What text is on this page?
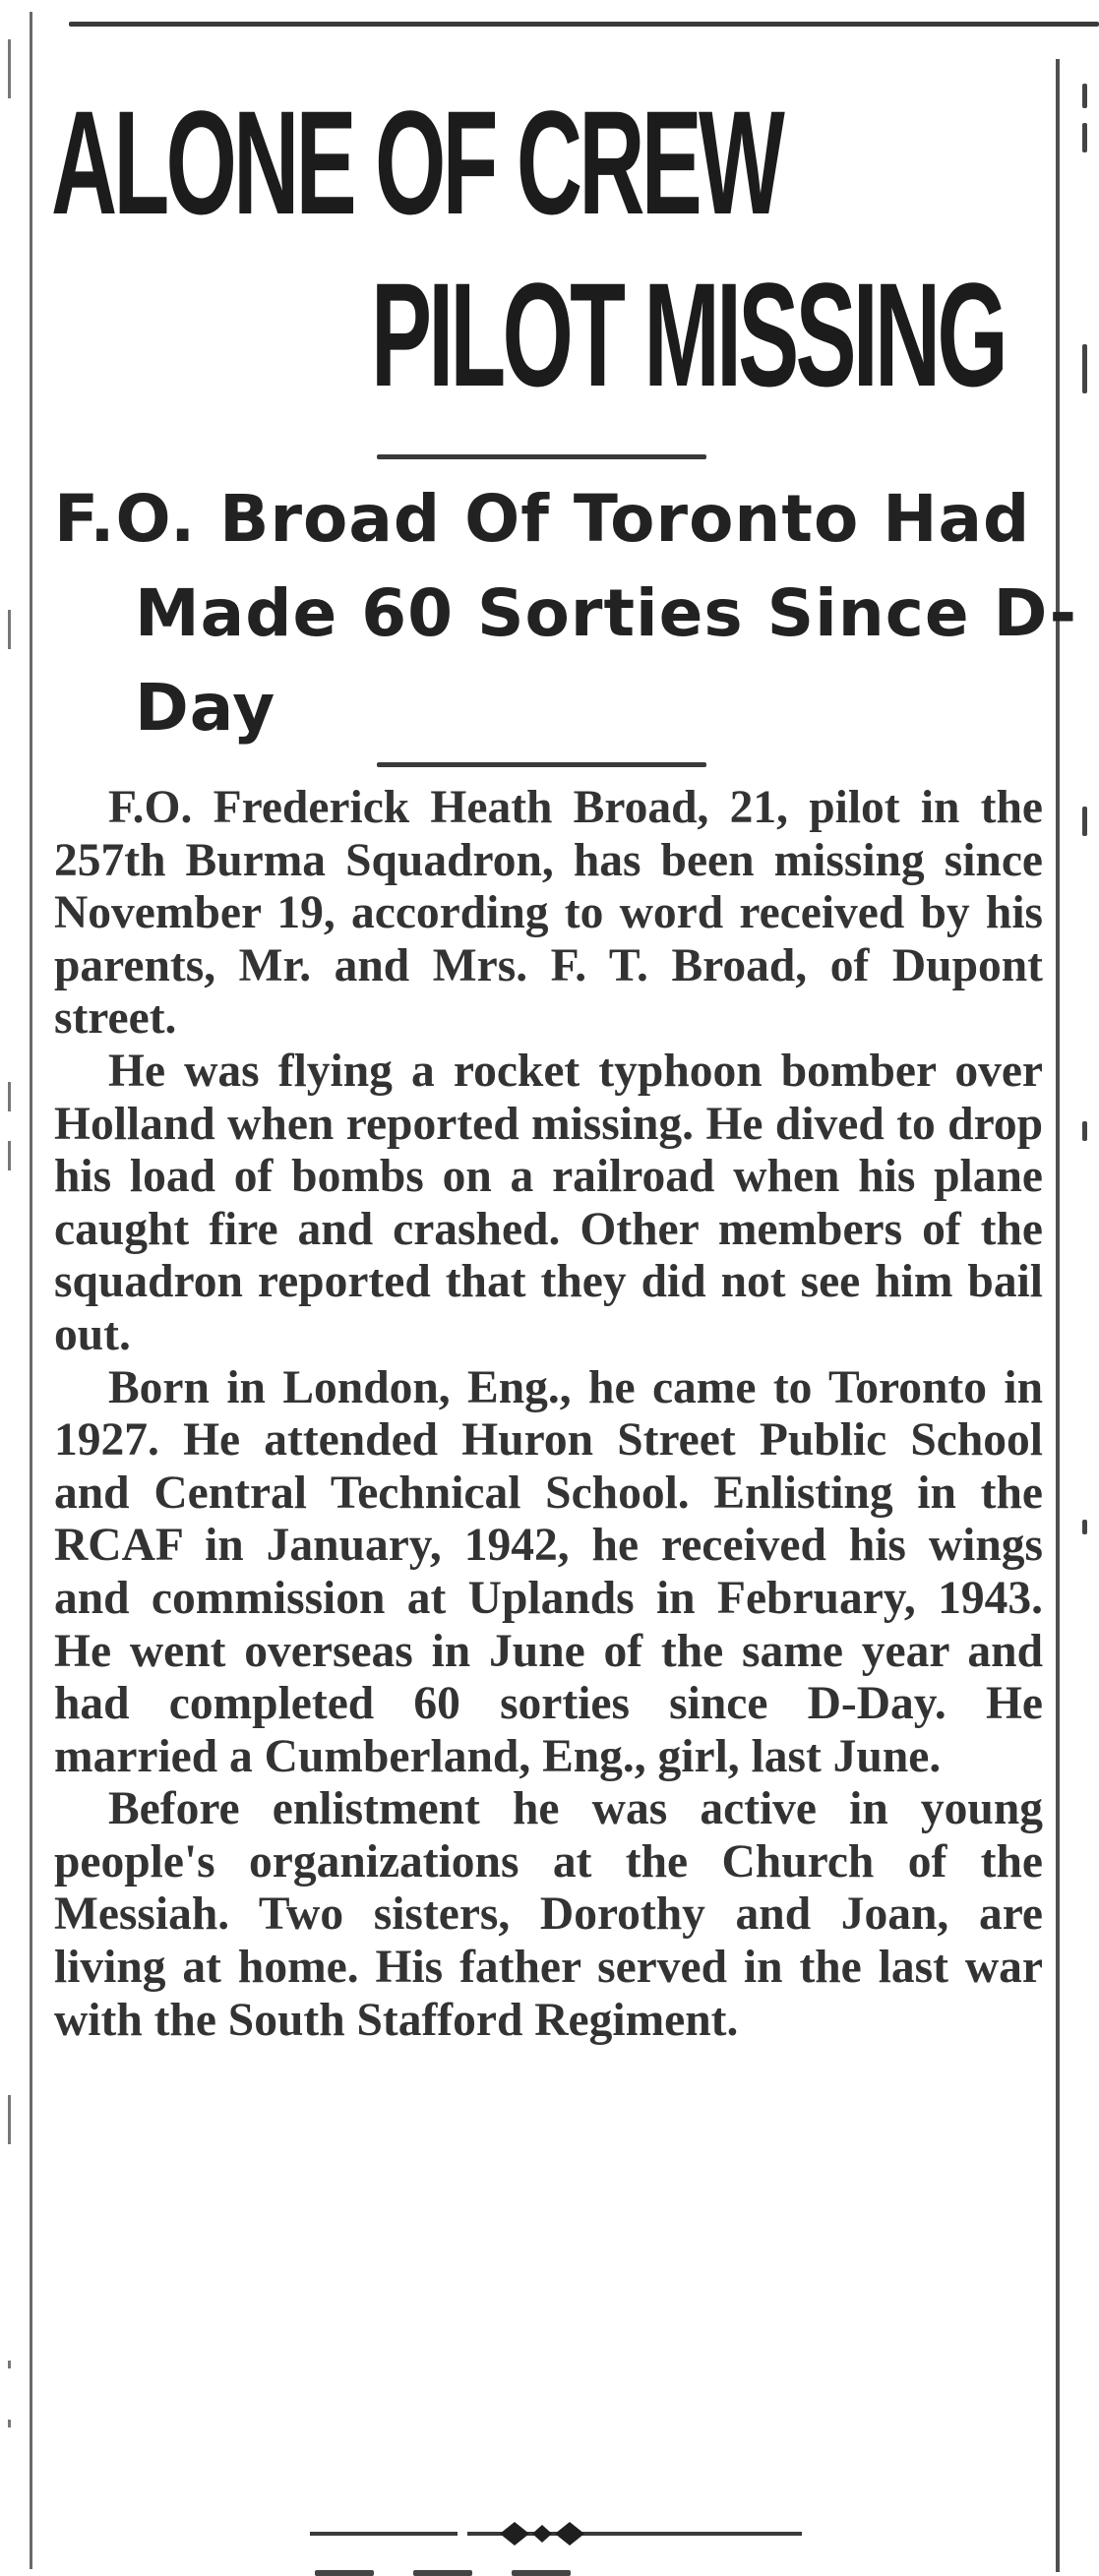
ALONE OF CREW
PILOT MISSING
F.O. Broad Of Toronto Had
Made 60 Sorties Since D-
Day

F.O. Frederick Heath Broad, 21, pilot in the 257th Burma Squadron, has been missing since November 19, according to word received by his parents, Mr. and Mrs. F. T. Broad, of Dupont street.

He was flying a rocket typhoon bomber over Holland when reported missing. He dived to drop his load of bombs on a railroad when his plane caught fire and crashed. Other members of the squadron reported that they did not see him bail out.

Born in London, Eng., he came to Toronto in 1927. He attended Huron Street Public School and Central Technical School. Enlisting in the RCAF in January, 1942, he received his wings and commission at Uplands in February, 1943. He went overseas in June of the same year and had completed 60 sorties since D-Day. He married a Cumberland, Eng., girl, last June.

Before enlistment he was active in young people's organizations at the Church of the Messiah. Two sisters, Dorothy and Joan, are living at home. His father served in the last war with the South Stafford Regiment.
